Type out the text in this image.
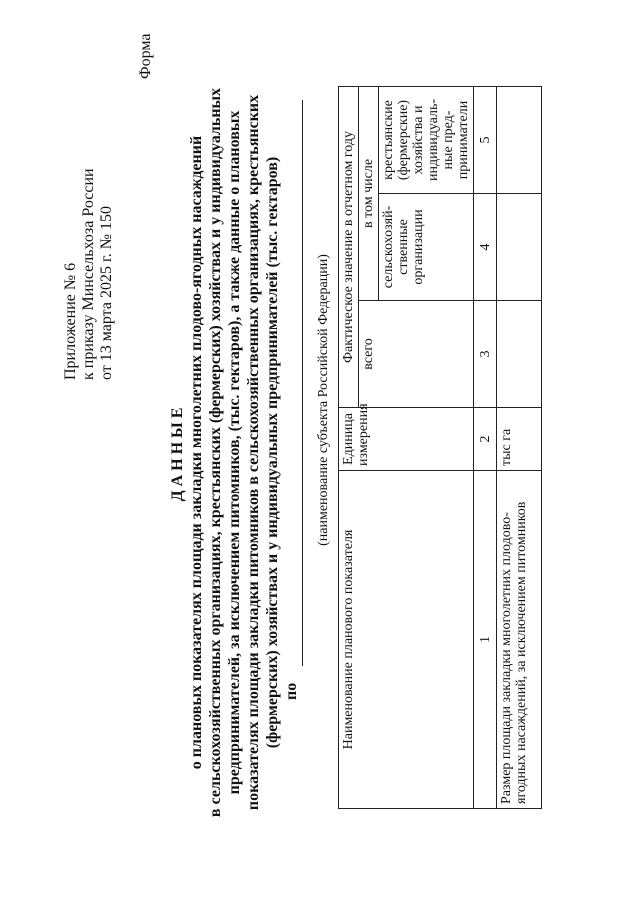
Приложение № 6 к приказу Минсельхоза России от 13 марта 2025 г. № 150
Форма
ДАННЫЕ о плановых показателях площади закладки многолетних плодово-ягодных насаждений в сельскохозяйственных организациях, крестьянских (фермерских) хозяйствах и у индивидуальных предпринимателей, за исключением питомников, (тыс. гектаров), а также данные о плановых показателях площади закладки питомников в сельскохозяйственных организациях, крестьянских (фермерских) хозяйствах и у индивидуальных предпринимателей (тыс. гектаров) по
(наименование субъекта Российской Федерации)
Наименование планового показателя	Единица измерения	Фактическое значение в отчетном году		
		всего	в том числе	
			сельскохозяй-ственные организации	крестьянские (фермерские) хозяйства и индивидуаль-ные пред-приниматели
1	2	3	4	5
Размер площади закладки многолетних плодово-ягодных насаждений, за исключением питомников	тыс га			
